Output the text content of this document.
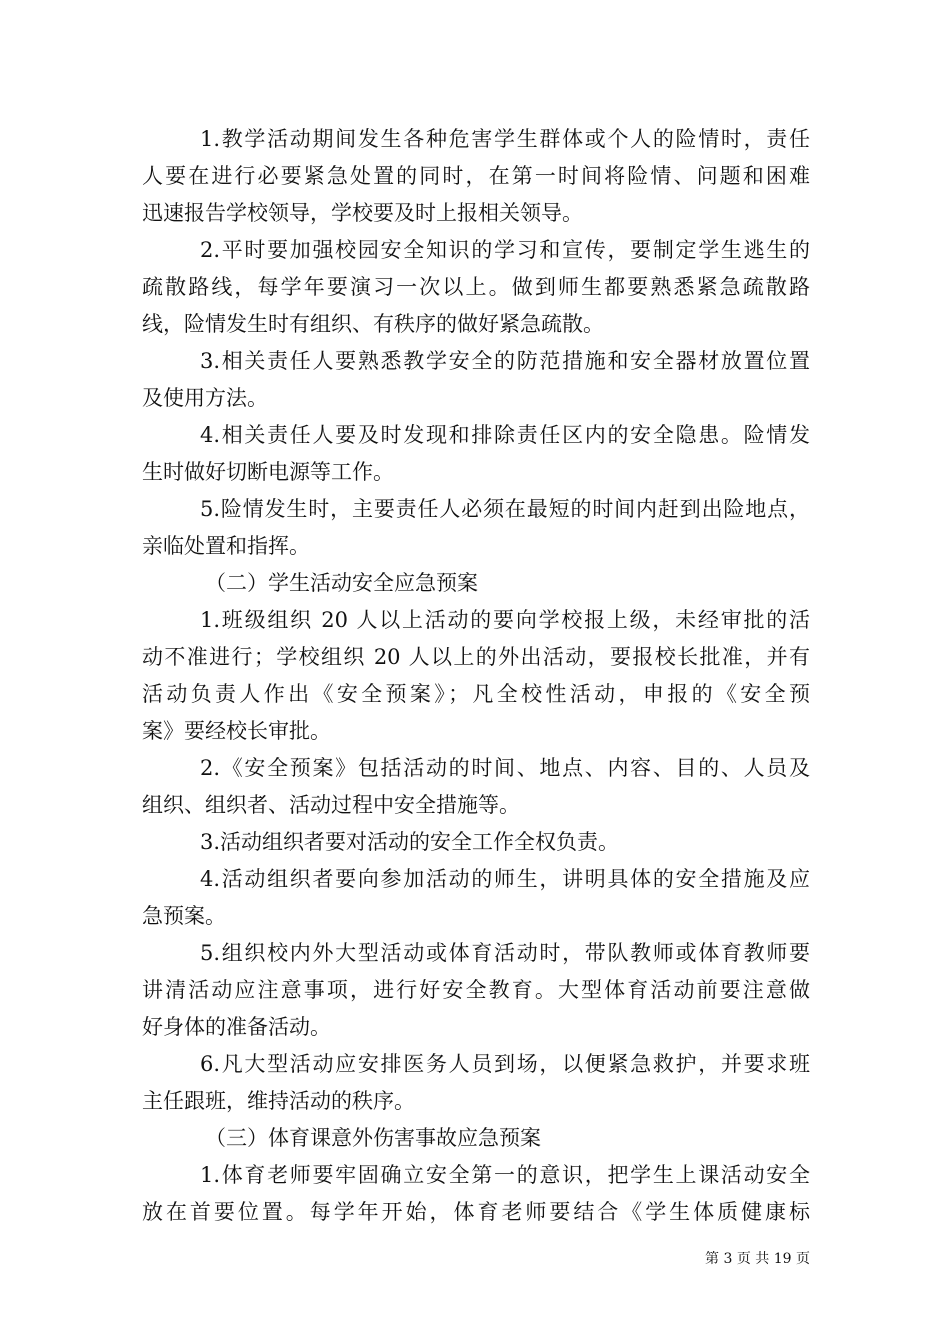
1.教学活动期间发生各种危害学生群体或个人的险情时，责任
人要在进行必要紧急处置的同时，在第一时间将险情、问题和困难
迅速报告学校领导，学校要及时上报相关领导。
2.平时要加强校园安全知识的学习和宣传，要制定学生逃生的
疏散路线，每学年要演习一次以上。做到师生都要熟悉紧急疏散路
线，险情发生时有组织、有秩序的做好紧急疏散。
3.相关责任人要熟悉教学安全的防范措施和安全器材放置位置
及使用方法。
4.相关责任人要及时发现和排除责任区内的安全隐患。险情发
生时做好切断电源等工作。
5.险情发生时，主要责任人必须在最短的时间内赶到出险地点，
亲临处置和指挥。
（二）学生活动安全应急预案
1.班级组织 20 人以上活动的要向学校报上级，未经审批的活
动不准进行；学校组织 20 人以上的外出活动，要报校长批准，并有
活动负责人作出《安全预案》；凡全校性活动，申报的《安全预
案》要经校长审批。
2.《安全预案》包括活动的时间、地点、内容、目的、人员及
组织、组织者、活动过程中安全措施等。
3.活动组织者要对活动的安全工作全权负责。
4.活动组织者要向参加活动的师生，讲明具体的安全措施及应
急预案。
5.组织校内外大型活动或体育活动时，带队教师或体育教师要
讲清活动应注意事项，进行好安全教育。大型体育活动前要注意做
好身体的准备活动。
6.凡大型活动应安排医务人员到场，以便紧急救护，并要求班
主任跟班，维持活动的秩序。
（三）体育课意外伤害事故应急预案
1.体育老师要牢固确立安全第一的意识，把学生上课活动安全
放在首要位置。每学年开始，体育老师要结合《学生体质健康标
第 3 页 共 19 页
